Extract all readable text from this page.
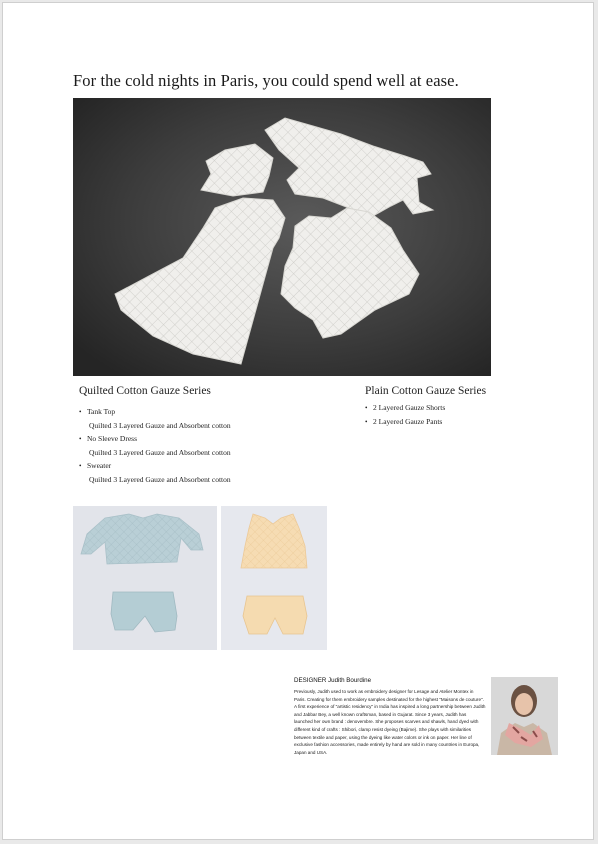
For the cold nights in Paris, you could spend well at ease.
Quilted Cotton Gauze Series
• Tank Top
Quilted 3 Layered Gauze and Absorbent cotton
• No Sleeve Dress
Quilted 3 Layered Gauze and Absorbent cotton
• Sweater
Quilted 3 Layered Gauze and Absorbent cotton
Plain Cotton Gauze Series
• 2 Layered Gauze Shorts
• 2 Layered Gauze Pants
DESIGNER Judith Bourdine

Previously, Judith used to work as embroidery designer for Lesage and Atelier Montex in Paris. Creating for them embroidery samples destinated for the highest "Maisons de couture". A first experience of "artistic residency" in India has inspired a long partnership between Judith and Jabbar Bey, a well known craftsman, based in Gujarat. Since 3 years, Judith has launched her own brand : denovembre. She proposes scarves and shawls, hand dyed with different kind of crafts : Shibori, clamp resist dyeing (Bajime). She plays with similarities between textile and paper, using the dyeing like water colors or ink on paper. Her line of exclusive fashion accessories, made entirely by hand are sold in many countries in Europa, Japan and USA.
